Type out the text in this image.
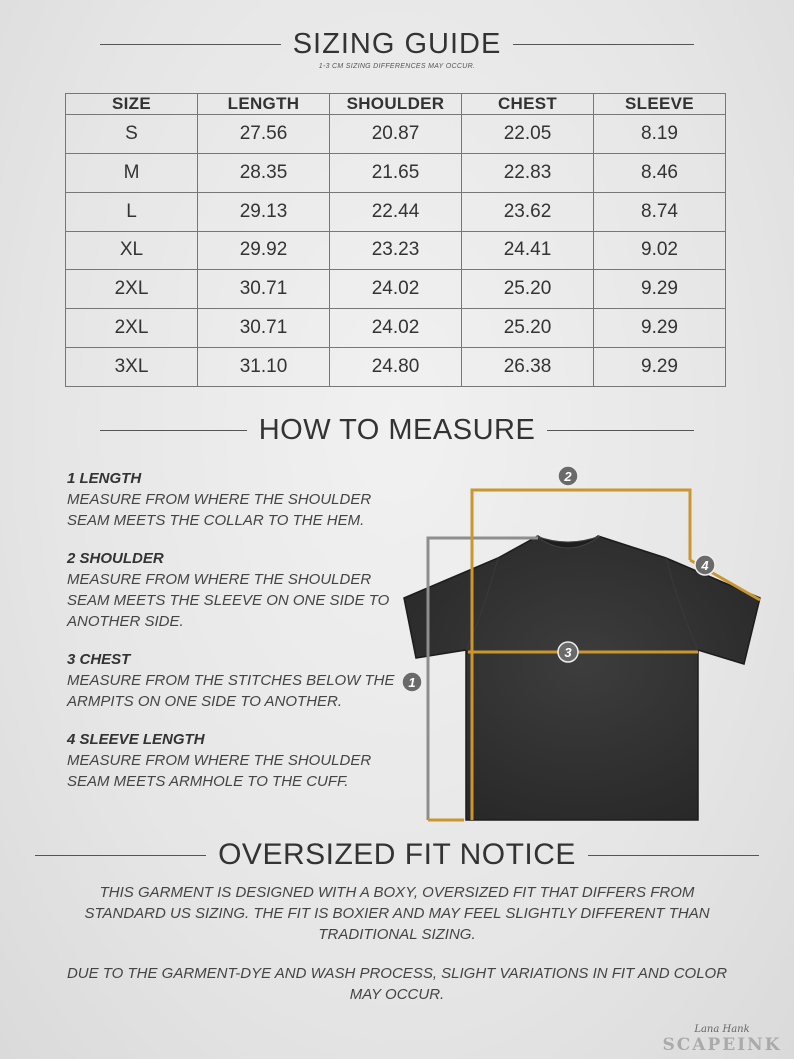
SIZING GUIDE
1-3 CM SIZING DIFFERENCES MAY OCCUR.
SIZE	LENGTH	SHOULDER	CHEST	SLEEVE
S	27.56	20.87	22.05	8.19
M	28.35	21.65	22.83	8.46
L	29.13	22.44	23.62	8.74
XL	29.92	23.23	24.41	9.02
2XL	30.71	24.02	25.20	9.29
2XL	30.71	24.02	25.20	9.29
3XL	31.10	24.80	26.38	9.29
HOW TO MEASURE
1 LENGTH
MEASURE FROM WHERE THE SHOULDER SEAM MEETS THE COLLAR TO THE HEM.
2 SHOULDER
MEASURE FROM WHERE THE SHOULDER SEAM MEETS THE SLEEVE ON ONE SIDE TO ANOTHER SIDE.
3 CHEST
MEASURE FROM THE STITCHES BELOW THE ARMPITS ON ONE SIDE TO ANOTHER.
4 SLEEVE LENGTH
MEASURE FROM WHERE THE SHOULDER SEAM MEETS ARMHOLE TO THE CUFF.
1
2
3
4
OVERSIZED FIT NOTICE

THIS GARMENT IS DESIGNED WITH A BOXY, OVERSIZED FIT THAT DIFFERS FROM STANDARD US SIZING. THE FIT IS BOXIER AND MAY FEEL SLIGHTLY DIFFERENT THAN TRADITIONAL SIZING.

DUE TO THE GARMENT-DYE AND WASH PROCESS, SLIGHT VARIATIONS IN FIT AND COLOR MAY OCCUR.

Lana Hank
SCAPEINK
